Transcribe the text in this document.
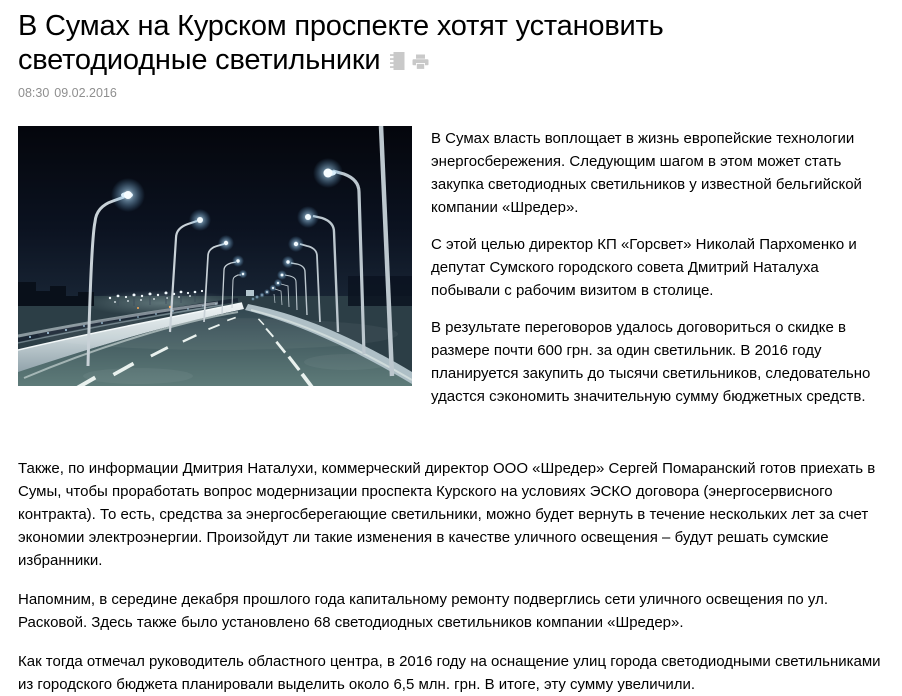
В Сумах на Курском проспекте хотят установить светодиодные светильники
08:30 09.02.2016

В Сумах власть воплощает в жизнь европейские технологии энергосбережения. Следующим шагом в этом может стать закупка светодиодных светильников у известной бельгийской компании «Шредер».

С этой целью директор КП «Горсвет» Николай Пархоменко и депутат Сумского городского совета Дмитрий Наталуха побывали с рабочим визитом в столице.

В результате переговоров удалось договориться о скидке в размере почти 600 грн. за один светильник. В 2016 году планируется закупить до тысячи светильников, следовательно удастся сэкономить значительную сумму бюджетных средств.

Также, по информации Дмитрия Наталухи, коммерческий директор ООО «Шредер» Сергей Помаранский готов приехать в Сумы, чтобы проработать вопрос модернизации проспекта Курского на условиях ЭСКО договора (энергосервисного контракта). То есть, средства за энергосберегающие светильники, можно будет вернуть в течение нескольких лет за счет экономии электроэнергии. Произойдут ли такие изменения в качестве уличного освещения – будут решать сумские избранники.

Напомним, в середине декабря прошлого года капитальному ремонту подверглись сети уличного освещения по ул. Расковой. Здесь также было установлено 68 светодиодных светильников компании «Шредер».

Как тогда отмечал руководитель областного центра, в 2016 году на оснащение улиц города светодиодными светильниками из городского бюджета планировали выделить около 6,5 млн. грн. В итоге, эту сумму увеличили.
